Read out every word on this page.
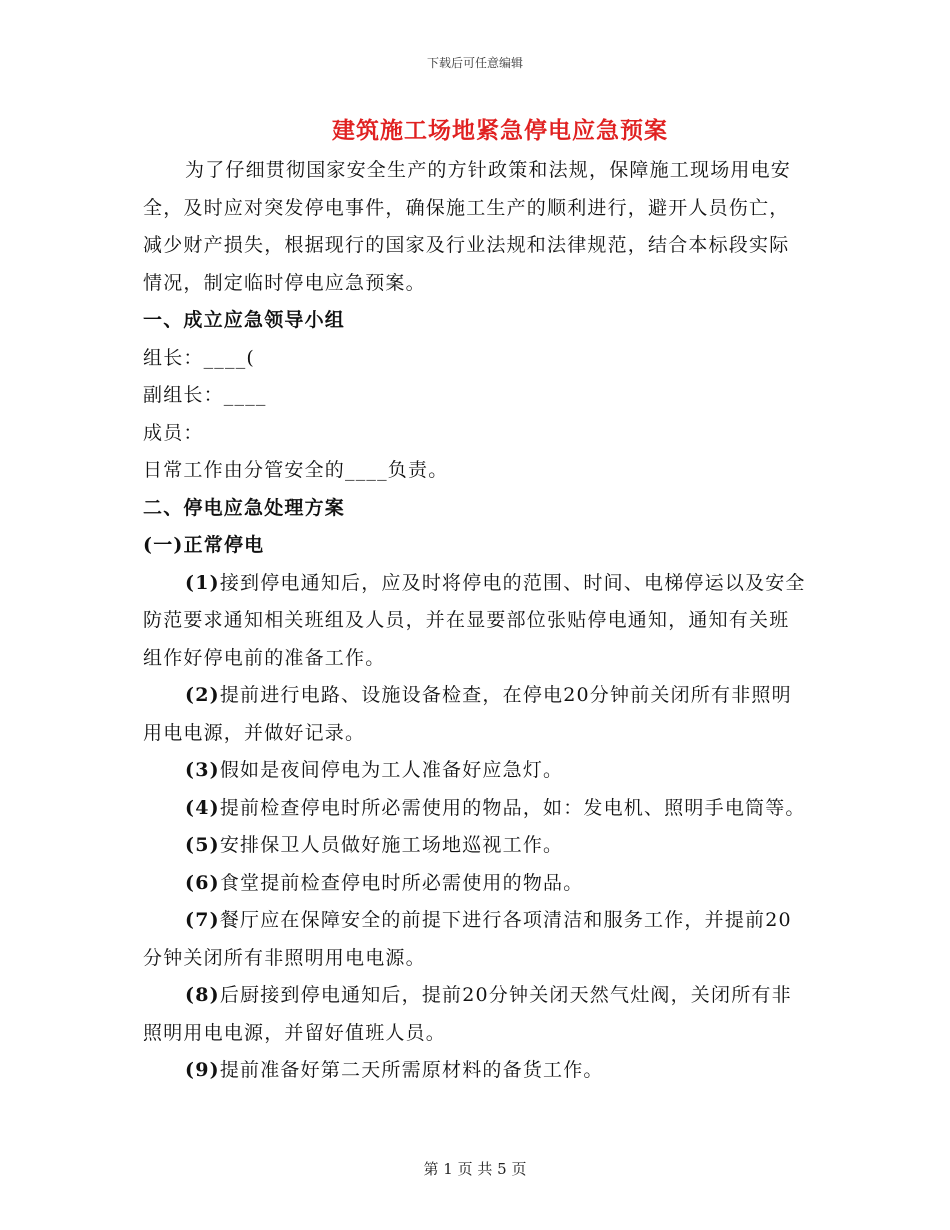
下载后可任意编辑
建筑施工场地紧急停电应急预案

为了仔细贯彻国家安全生产的方针政策和法规，保障施工现场用电安全，及时应对突发停电事件，确保施工生产的顺利进行，避开人员伤亡，减少财产损失，根据现行的国家及行业法规和法律规范，结合本标段实际情况，制定临时停电应急预案。

一、成立应急领导小组

组长：____(

副组长：____

成员：

日常工作由分管安全的____负责。

二、停电应急处理方案

(一)正常停电

(1)接到停电通知后，应及时将停电的范围、时间、电梯停运以及安全防范要求通知相关班组及人员，并在显要部位张贴停电通知，通知有关班组作好停电前的准备工作。

(2)提前进行电路、设施设备检查，在停电20分钟前关闭所有非照明用电电源，并做好记录。

(3)假如是夜间停电为工人准备好应急灯。

(4)提前检查停电时所必需使用的物品，如：发电机、照明手电筒等。

(5)安排保卫人员做好施工场地巡视工作。

(6)食堂提前检查停电时所必需使用的物品。

(7)餐厅应在保障安全的前提下进行各项清洁和服务工作，并提前20分钟关闭所有非照明用电电源。

(8)后厨接到停电通知后，提前20分钟关闭天然气灶阀，关闭所有非照明用电电源，并留好值班人员。

(9)提前准备好第二天所需原材料的备货工作。

第 1 页 共 5 页
